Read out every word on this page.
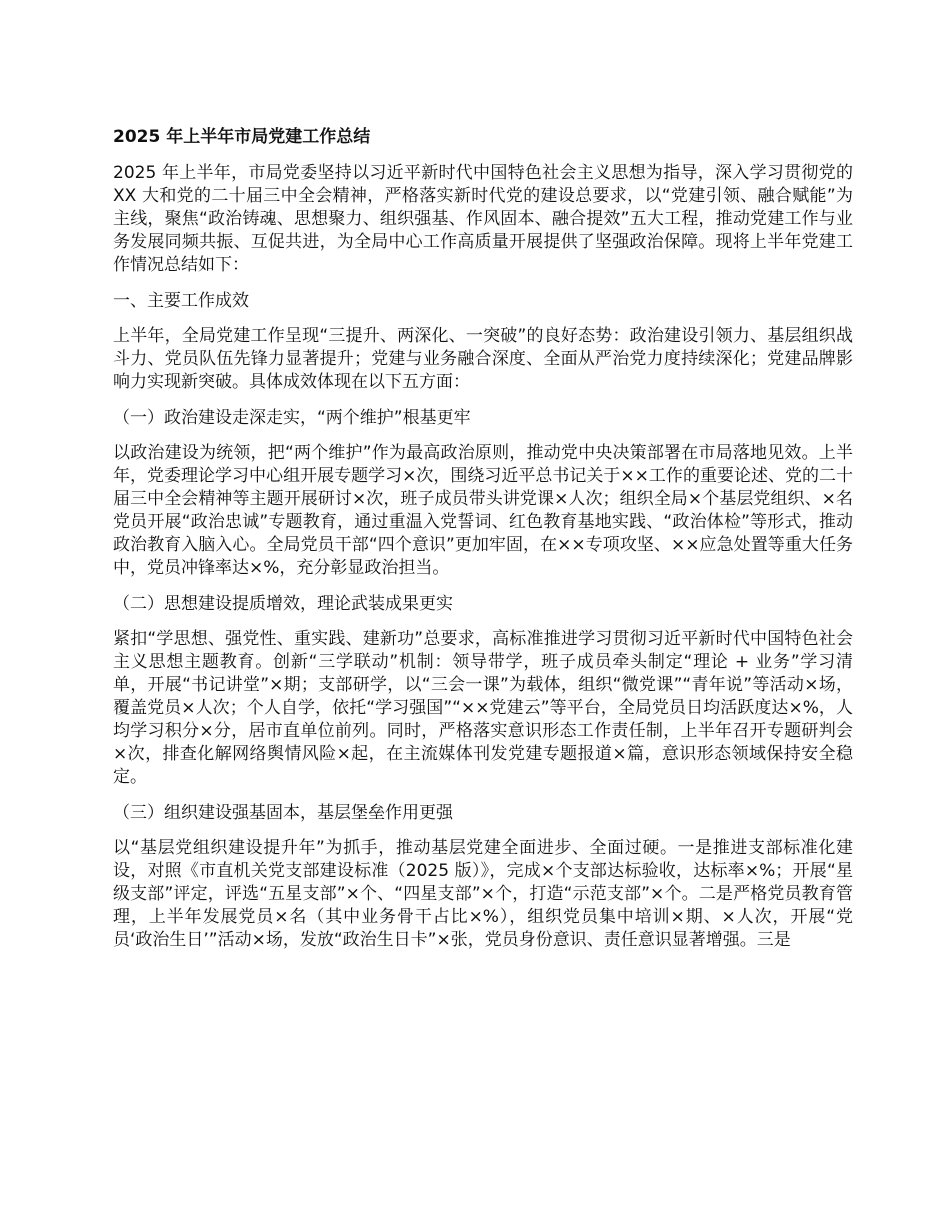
2025 年上半年市局党建工作总结
2025 年上半年，市局党委坚持以习近平新时代中国特色社会主义思想为指导，深入学习贯彻党的 XX 大和党的二十届三中全会精神，严格落实新时代党的建设总要求，以“党建引领、融合赋能”为主线，聚焦“政治铸魂、思想聚力、组织强基、作风固本、融合提效”五大工程，推动党建工作与业务发展同频共振、互促共进，为全局中心工作高质量开展提供了坚强政治保障。现将上半年党建工作情况总结如下：
一、主要工作成效
上半年，全局党建工作呈现“三提升、两深化、一突破”的良好态势：政治建设引领力、基层组织战斗力、党员队伍先锋力显著提升；党建与业务融合深度、全面从严治党力度持续深化；党建品牌影响力实现新突破。具体成效体现在以下五方面：
（一）政治建设走深走实，“两个维护”根基更牢
以政治建设为统领，把“两个维护”作为最高政治原则，推动党中央决策部署在市局落地见效。上半年，党委理论学习中心组开展专题学习×次，围绕习近平总书记关于××工作的重要论述、党的二十届三中全会精神等主题开展研讨×次，班子成员带头讲党课×人次；组织全局×个基层党组织、×名党员开展“政治忠诚”专题教育，通过重温入党誓词、红色教育基地实践、“政治体检”等形式，推动政治教育入脑入心。全局党员干部“四个意识”更加牢固，在××专项攻坚、××应急处置等重大任务中，党员冲锋率达×%，充分彰显政治担当。
（二）思想建设提质增效，理论武装成果更实
紧扣“学思想、强党性、重实践、建新功”总要求，高标准推进学习贯彻习近平新时代中国特色社会主义思想主题教育。创新“三学联动”机制：领导带学，班子成员牵头制定“理论 + 业务”学习清单，开展“书记讲堂”×期；支部研学，以“三会一课”为载体，组织“微党课”“青年说”等活动×场，覆盖党员×人次；个人自学，依托“学习强国”“××党建云”等平台，全局党员日均活跃度达×%，人均学习积分×分，居市直单位前列。同时，严格落实意识形态工作责任制，上半年召开专题研判会×次，排查化解网络舆情风险×起，在主流媒体刊发党建专题报道×篇，意识形态领域保持安全稳定。
（三）组织建设强基固本，基层堡垒作用更强
以“基层党组织建设提升年”为抓手，推动基层党建全面进步、全面过硬。一是推进支部标准化建设，对照《市直机关党支部建设标准（2025 版）》，完成×个支部达标验收，达标率×%；开展“星级支部”评定，评选“五星支部”×个、“四星支部”×个，打造“示范支部”×个。二是严格党员教育管理，上半年发展党员×名（其中业务骨干占比×%），组织党员集中培训×期、×人次，开展“党员‘政治生日’”活动×场，发放“政治生日卡”×张，党员身份意识、责任意识显著增强。三是
